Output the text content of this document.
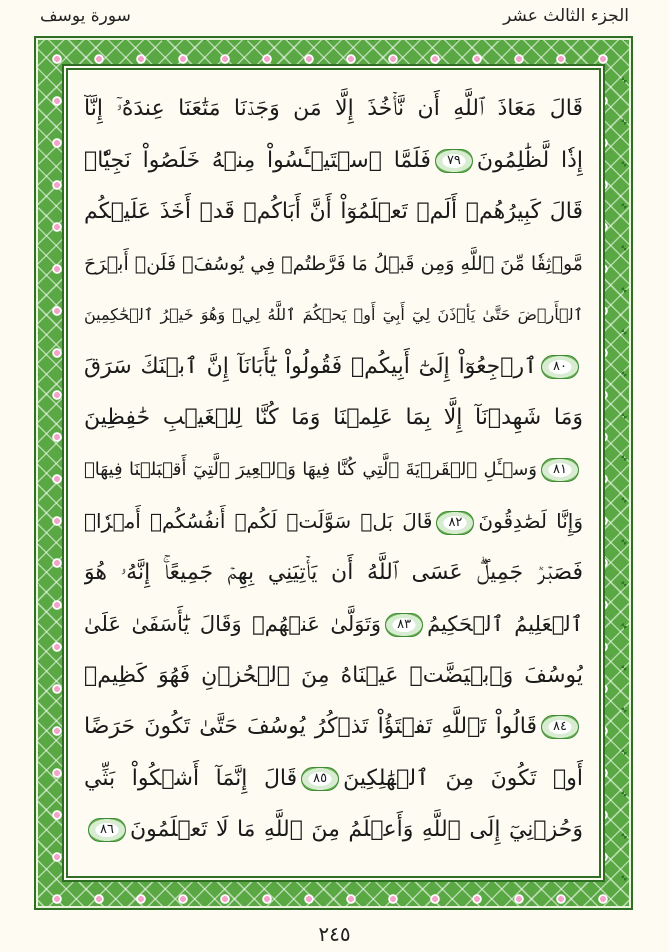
الجزء الثالث عشر
سورة يوسف
قَالَ مَعَاذَ ٱللَّهِ أَن نَّأۡخُذَ إِلَّا مَن وَجَدۡنَا مَتَٰعَنَا عِندَهُۥٓ إِنَّآ
إِذٗا لَّظَٰلِمُونَ٧٩فَلَمَّا ٱسۡتَيۡـَٔسُواْ مِنۡهُ خَلَصُواْ نَجِيّٗاۖ
قَالَ كَبِيرُهُمۡ أَلَمۡ تَعۡلَمُوٓاْ أَنَّ أَبَاكُمۡ قَدۡ أَخَذَ عَلَيۡكُم
مَّوۡثِقٗا مِّنَ ٱللَّهِ وَمِن قَبۡلُ مَا فَرَّطتُمۡ فِي يُوسُفَۖ فَلَنۡ أَبۡرَحَ
ٱلۡأَرۡضَ حَتَّىٰ يَأۡذَنَ لِيٓ أَبِيٓ أَوۡ يَحۡكُمَ ٱللَّهُ لِيۖ وَهُوَ خَيۡرُ ٱلۡحَٰكِمِينَ
٨٠ٱرۡجِعُوٓاْ إِلَىٰٓ أَبِيكُمۡ فَقُولُواْ يَٰٓأَبَانَآ إِنَّ ٱبۡنَكَ سَرَقَ
وَمَا شَهِدۡنَآ إِلَّا بِمَا عَلِمۡنَا وَمَا كُنَّا لِلۡغَيۡبِ حَٰفِظِينَ
٨١وَسۡـَٔلِ ٱلۡقَرۡيَةَ ٱلَّتِي كُنَّا فِيهَا وَٱلۡعِيرَ ٱلَّتِيٓ أَقۡبَلۡنَا فِيهَاۖ
وَإِنَّا لَصَٰدِقُونَ٨٢قَالَ بَلۡ سَوَّلَتۡ لَكُمۡ أَنفُسُكُمۡ أَمۡرٗاۖ
فَصَبۡرٞ جَمِيلٌۖ عَسَى ٱللَّهُ أَن يَأۡتِيَنِي بِهِمۡ جَمِيعًاۚ إِنَّهُۥ هُوَ
ٱلۡعَلِيمُ ٱلۡحَكِيمُ٨٣وَتَوَلَّىٰ عَنۡهُمۡ وَقَالَ يَٰٓأَسَفَىٰ عَلَىٰ
يُوسُفَ وَٱبۡيَضَّتۡ عَيۡنَاهُ مِنَ ٱلۡحُزۡنِ فَهُوَ كَظِيمٞ
٨٤قَالُواْ تَٱللَّهِ تَفۡتَؤُاْ تَذۡكُرُ يُوسُفَ حَتَّىٰ تَكُونَ حَرَضًا
أَوۡ تَكُونَ مِنَ ٱلۡهَٰلِكِينَ٨٥قَالَ إِنَّمَآ أَشۡكُواْ بَثِّي
وَحُزۡنِيٓ إِلَى ٱللَّهِ وَأَعۡلَمُ مِنَ ٱللَّهِ مَا لَا تَعۡلَمُونَ٨٦
٢٤٥
